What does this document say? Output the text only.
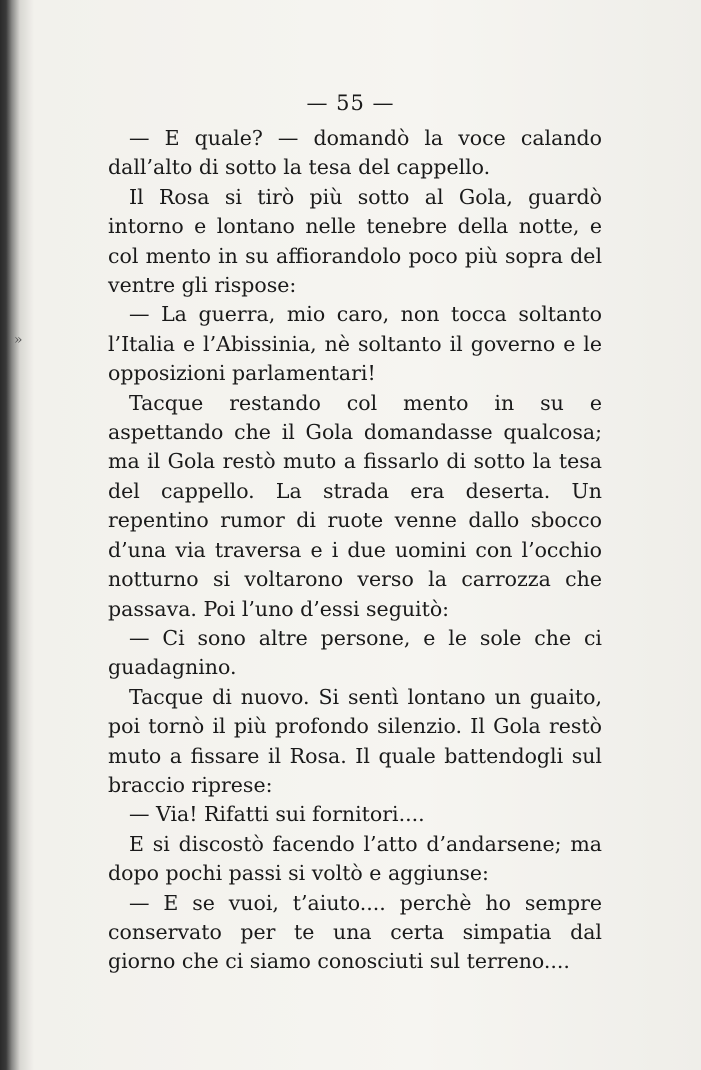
— 55 —
»

— E quale? — domandò la voce calando dall’alto di sotto la tesa del cappello.

Il Rosa si tirò più sotto al Gola, guardò intorno e lontano nelle tenebre della notte, e col mento in su affiorandolo poco più sopra del ventre gli rispose:

— La guerra, mio caro, non tocca soltanto l’Italia e l’Abissinia, nè soltanto il governo e le opposizioni parlamentari!

Tacque restando col mento in su e aspettando che il Gola domandasse qualcosa; ma il Gola restò muto a fissarlo di sotto la tesa del cappello. La strada era deserta. Un repentino rumor di ruote venne dallo sbocco d’una via traversa e i due uomini con l’occhio notturno si voltarono verso la carrozza che passava. Poi l’uno d’essi seguitò:

— Ci sono altre persone, e le sole che ci guadagnino.

Tacque di nuovo. Si sentì lontano un guaito, poi tornò il più profondo silenzio. Il Gola restò muto a fissare il Rosa. Il quale battendogli sul braccio riprese:

— Via! Rifatti sui fornitori....

E si discostò facendo l’atto d’andarsene; ma dopo pochi passi si voltò e aggiunse:

— E se vuoi, t’aiuto.... perchè ho sempre conservato per te una certa simpatia dal giorno che ci siamo conosciuti sul terreno....
